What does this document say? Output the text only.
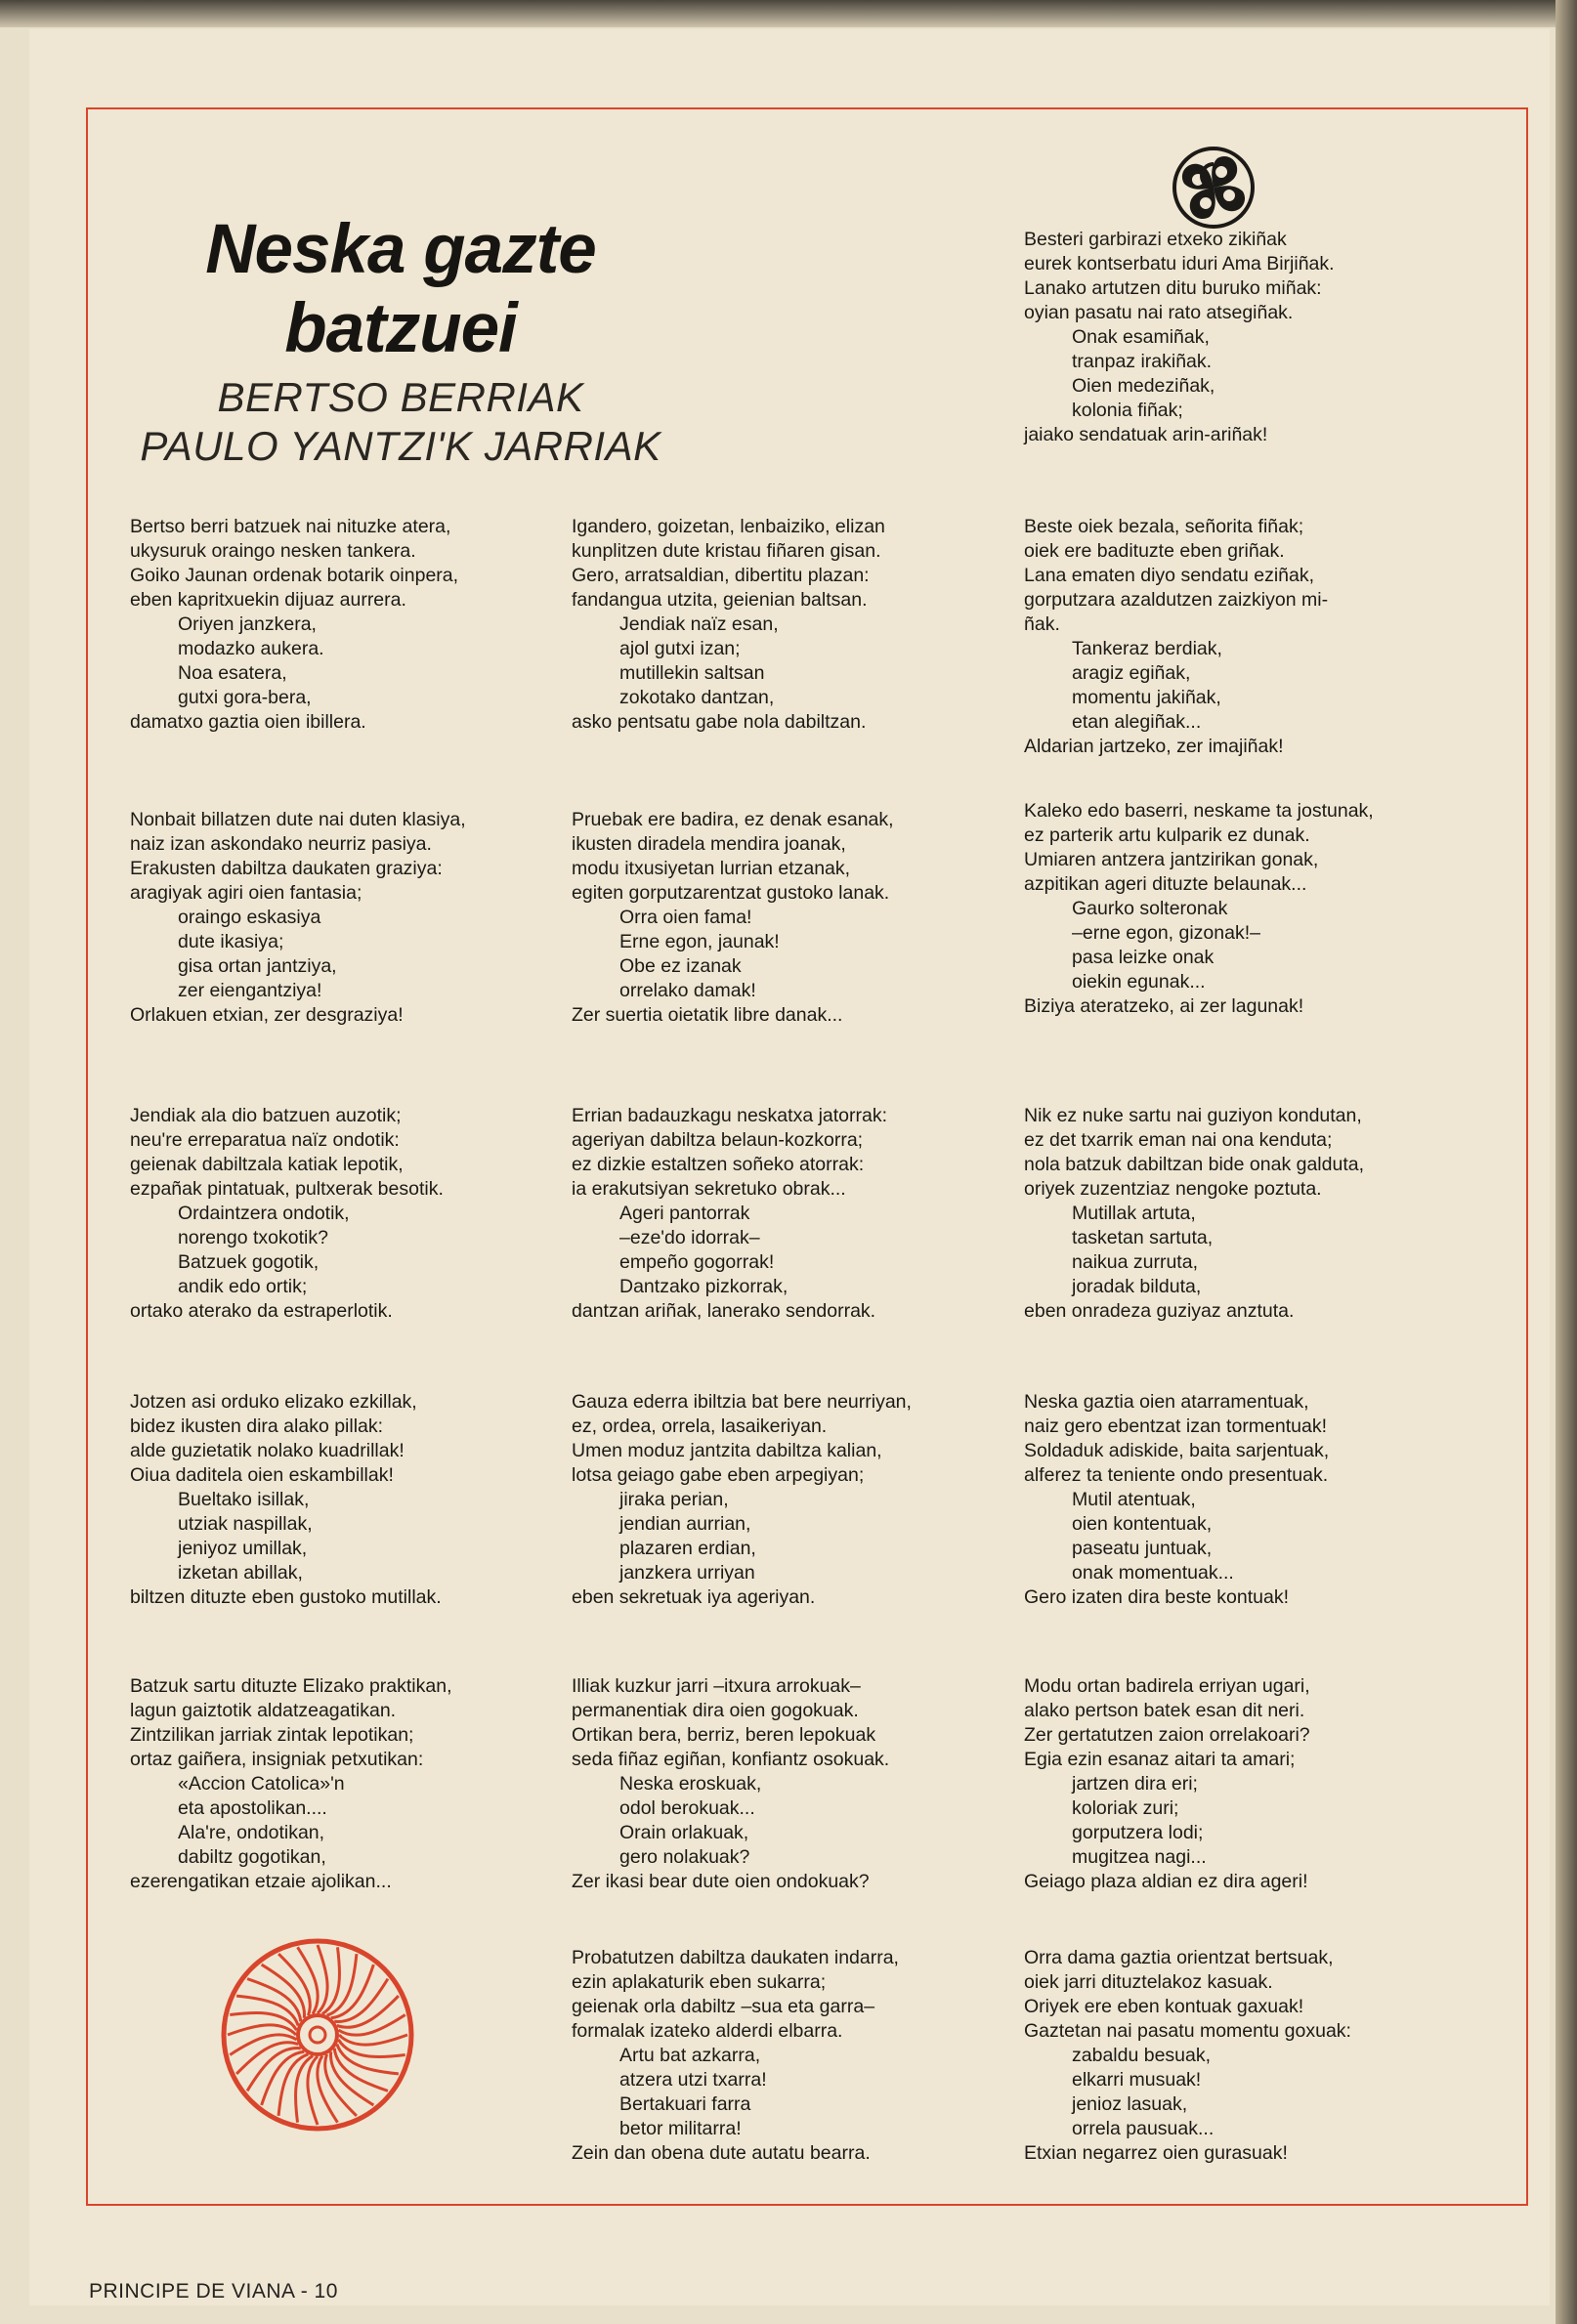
Neska gazte batzuei

BERTSO BERRIAK

PAULO YANTZI'K JARRIAK

Bertso berri batzuek nai nituzke atera,
ukysuruk oraingo nesken tankera.
Goiko Jaunan ordenak botarik oinpera,
eben kapritxuekin dijuaz aurrera.
Oriyen janzkera,
modazko aukera.
Noa esatera,
gutxi gora-bera,
damatxo gaztia oien ibillera.
Nonbait billatzen dute nai duten klasiya,
naiz izan askondako neurriz pasiya.
Erakusten dabiltza daukaten graziya:
aragiyak agiri oien fantasia;
oraingo eskasiya
dute ikasiya;
gisa ortan jantziya,
zer eiengantziya!
Orlakuen etxian, zer desgraziya!
Jendiak ala dio batzuen auzotik;
neu're erreparatua naïz ondotik:
geienak dabiltzala katiak lepotik,
ezpañak pintatuak, pultxerak besotik.
Ordaintzera ondotik,
norengo txokotik?
Batzuek gogotik,
andik edo ortik;
ortako aterako da estraperlotik.
Jotzen asi orduko elizako ezkillak,
bidez ikusten dira alako pillak:
alde guzietatik nolako kuadrillak!
Oiua daditela oien eskambillak!
Bueltako isillak,
utziak naspillak,
jeniyoz umillak,
izketan abillak,
biltzen dituzte eben gustoko mutillak.
Batzuk sartu dituzte Elizako praktikan,
lagun gaiztotik aldatzeagatikan.
Zintzilikan jarriak zintak lepotikan;
ortaz gaiñera, insigniak petxutikan:
«Accion Catolica»'n
eta apostolikan....
Ala're, ondotikan,
dabiltz gogotikan,
ezerengatikan etzaie ajolikan...
Igandero, goizetan, lenbaiziko, elizan
kunplitzen dute kristau fiñaren gisan.
Gero, arratsaldian, dibertitu plazan:
fandangua utzita, geienian baltsan.
Jendiak naïz esan,
ajol gutxi izan;
mutillekin saltsan
zokotako dantzan,
asko pentsatu gabe nola dabiltzan.
Pruebak ere badira, ez denak esanak,
ikusten diradela mendira joanak,
modu itxusiyetan lurrian etzanak,
egiten gorputzarentzat gustoko lanak.
Orra oien fama!
Erne egon, jaunak!
Obe ez izanak
orrelako damak!
Zer suertia oietatik libre danak...
Errian badauzkagu neskatxa jatorrak:
ageriyan dabiltza belaun-kozkorra;
ez dizkie estaltzen soñeko atorrak:
ia erakutsiyan sekretuko obrak...
Ageri pantorrak
–eze'do idorrak–
empeño gogorrak!
Dantzako pizkorrak,
dantzan ariñak, lanerako sendorrak.
Gauza ederra ibiltzia bat bere neurriyan,
ez, ordea, orrela, lasaikeriyan.
Umen moduz jantzita dabiltza kalian,
lotsa geiago gabe eben arpegiyan;
jiraka perian,
jendian aurrian,
plazaren erdian,
janzkera urriyan
eben sekretuak iya ageriyan.
Illiak kuzkur jarri –itxura arrokuak–
permanentiak dira oien gogokuak.
Ortikan bera, berriz, beren lepokuak
seda fiñaz egiñan, konfiantz osokuak.
Neska eroskuak,
odol berokuak...
Orain orlakuak,
gero nolakuak?
Zer ikasi bear dute oien ondokuak?
Probatutzen dabiltza daukaten indarra,
ezin aplakaturik eben sukarra;
geienak orla dabiltz –sua eta garra–
formalak izateko alderdi elbarra.
Artu bat azkarra,
atzera utzi txarra!
Bertakuari farra
betor militarra!
Zein dan obena dute autatu bearra.
Besteri garbirazi etxeko zikiñak
eurek kontserbatu iduri Ama Birjiñak.
Lanako artutzen ditu buruko miñak:
oyian pasatu nai rato atsegiñak.
Onak esamiñak,
tranpaz irakiñak.
Oien medeziñak,
kolonia fiñak;
jaiako sendatuak arin-ariñak!
Beste oiek bezala, señorita fiñak;
oiek ere badituzte eben griñak.
Lana ematen diyo sendatu eziñak,
gorputzara azaldutzen zaizkiyon mi-
ñak.
Tankeraz berdiak,
aragiz egiñak,
momentu jakiñak,
etan alegiñak...
Aldarian jartzeko, zer imajiñak!
Kaleko edo baserri, neskame ta jostunak,
ez parterik artu kulparik ez dunak.
Umiaren antzera jantzirikan gonak,
azpitikan ageri dituzte belaunak...
Gaurko solteronak
–erne egon, gizonak!–
pasa leizke onak
oiekin egunak...
Biziya ateratzeko, ai zer lagunak!
Nik ez nuke sartu nai guziyon kondutan,
ez det txarrik eman nai ona kenduta;
nola batzuk dabiltzan bide onak galduta,
oriyek zuzentziaz nengoke poztuta.
Mutillak artuta,
tasketan sartuta,
naikua zurruta,
joradak bilduta,
eben onradeza guziyaz anztuta.
Neska gaztia oien atarramentuak,
naiz gero ebentzat izan tormentuak!
Soldaduk adiskide, baita sarjentuak,
alferez ta teniente ondo presentuak.
Mutil atentuak,
oien kontentuak,
paseatu juntuak,
onak momentuak...
Gero izaten dira beste kontuak!
Modu ortan badirela erriyan ugari,
alako pertson batek esan dit neri.
Zer gertatutzen zaion orrelakoari?
Egia ezin esanaz aitari ta amari;
jartzen dira eri;
koloriak zuri;
gorputzera lodi;
mugitzea nagi...
Geiago plaza aldian ez dira ageri!
Orra dama gaztia orientzat bertsuak,
oiek jarri dituztelakoz kasuak.
Oriyek ere eben kontuak gaxuak!
Gaztetan nai pasatu momentu goxuak:
zabaldu besuak,
elkarri musuak!
jenioz lasuak,
orrela pausuak...
Etxian negarrez oien gurasuak!
PRINCIPE DE VIANA - 10
